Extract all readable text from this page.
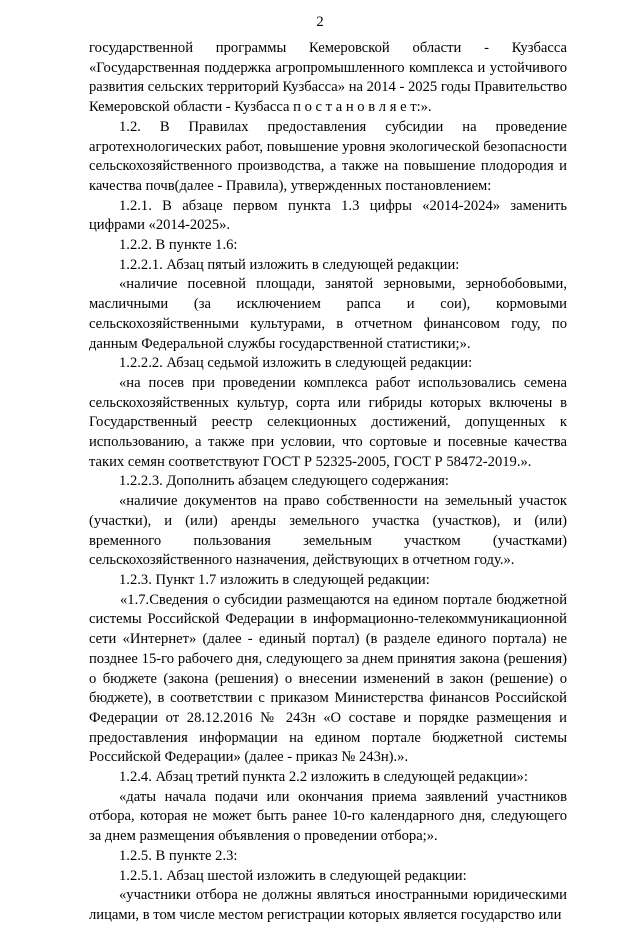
2

государственной программы Кемеровской области - Кузбасса «Государственная поддержка агропромышленного комплекса и устойчивого развития сельских территорий Кузбасса» на 2014 - 2025 годы Правительство Кемеровской области - Кузбасса п о с т а н о в л я е т:».

1.2. В Правилах предоставления субсидии на проведение агротехнологических работ, повышение уровня экологической безопасности сельскохозяйственного производства, а также на повышение плодородия и качества почв(далее - Правила), утвержденных постановлением:

1.2.1. В абзаце первом пункта 1.3 цифры «2014-2024» заменить цифрами «2014-2025».

1.2.2. В пункте 1.6:

1.2.2.1. Абзац пятый изложить в следующей редакции:

«наличие посевной площади, занятой зерновыми, зернобобовыми, масличными (за исключением рапса и сои), кормовыми сельскохозяйственными культурами, в отчетном финансовом году, по данным Федеральной службы государственной статистики;».

1.2.2.2. Абзац седьмой изложить в следующей редакции:

«на посев при проведении комплекса работ использовались семена сельскохозяйственных культур, сорта или гибриды которых включены в Государственный реестр селекционных достижений, допущенных к использованию, а также при условии, что сортовые и посевные качества таких семян соответствуют ГОСТ Р 52325-2005, ГОСТ Р 58472-2019.».

1.2.2.3. Дополнить абзацем следующего содержания:

«наличие документов на право собственности на земельный участок (участки), и (или) аренды земельного участка (участков), и (или) временного пользования земельным участком (участками) сельскохозяйственного назначения, действующих в отчетном году.».

1.2.3. Пункт 1.7 изложить в следующей редакции:

«1.7.Сведения о субсидии размещаются на едином портале бюджетной системы Российской Федерации в информационно-телекоммуникационной сети «Интернет» (далее - единый портал) (в разделе единого портала) не позднее 15-го рабочего дня, следующего за днем принятия закона (решения) о бюджете (закона (решения) о внесении изменений в закон (решение) о бюджете), в соответствии с приказом Министерства финансов Российской Федерации от 28.12.2016 № 243н «О составе и порядке размещения и предоставления информации на едином портале бюджетной системы Российской Федерации» (далее - приказ № 243н).».

1.2.4. Абзац третий пункта 2.2 изложить в следующей редакции»:

«даты начала подачи или окончания приема заявлений участников отбора, которая не может быть ранее 10-го календарного дня, следующего за днем размещения объявления о проведении отбора;».

1.2.5. В пункте 2.3:

1.2.5.1. Абзац шестой изложить в следующей редакции:

«участники отбора не должны являться иностранными юридическими лицами, в том числе местом регистрации которых является государство или
